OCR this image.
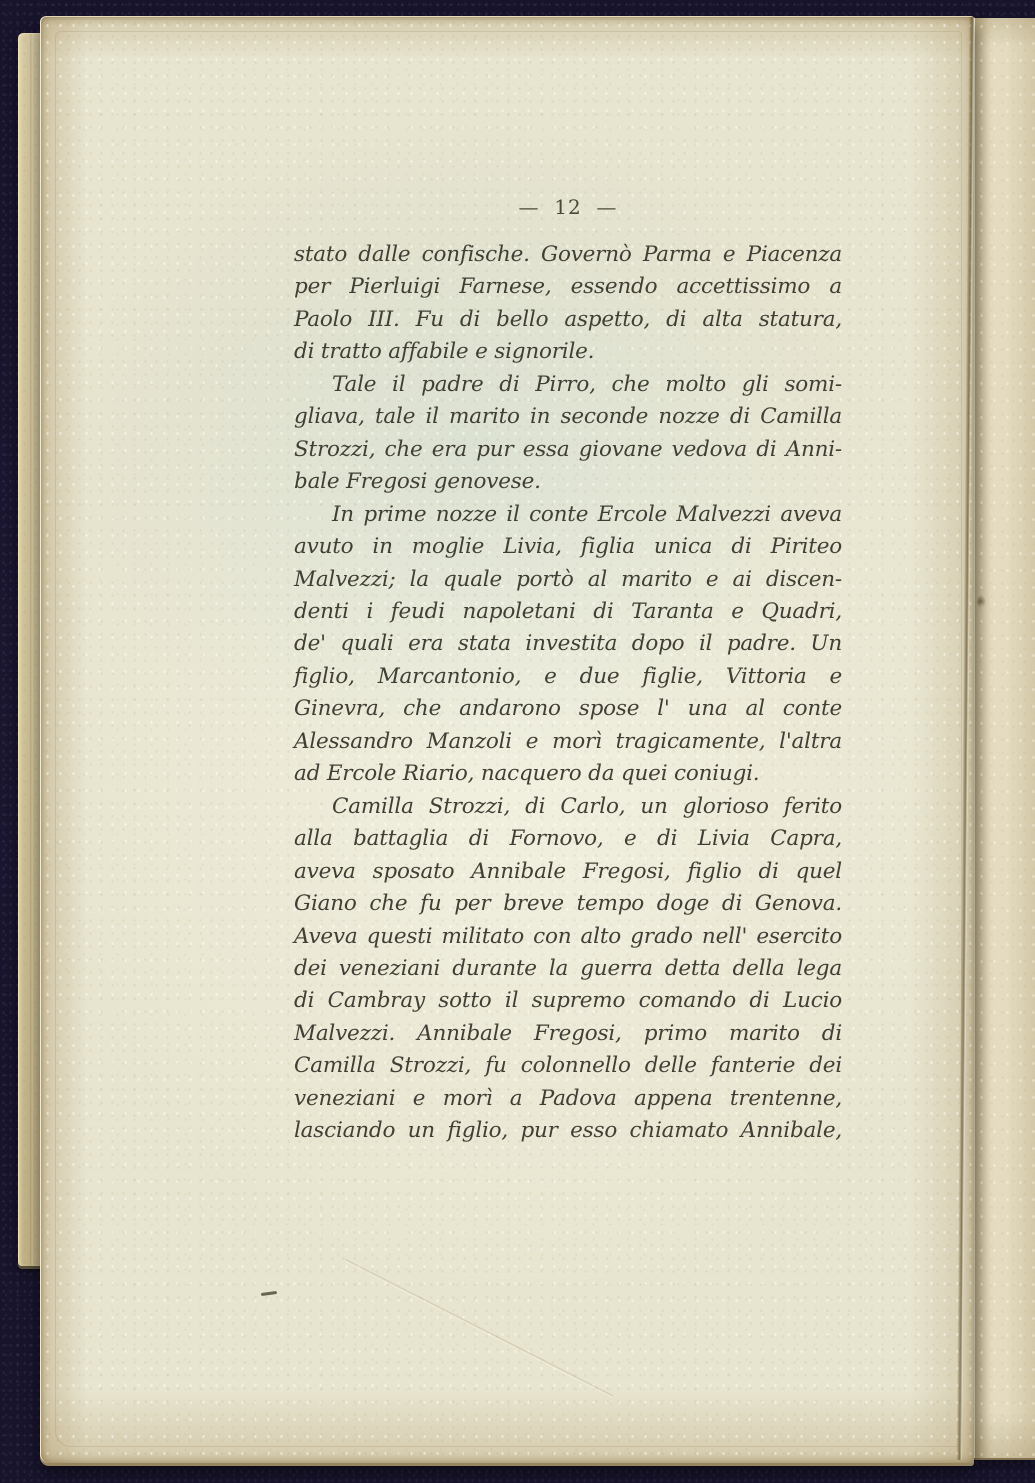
—  12  —
stato dalle confische. Governò Parma e Piacenza
per Pierluigi Farnese, essendo accettissimo a
Paolo III. Fu di bello aspetto, di alta statura,
di tratto affabile e signorile.
Tale il padre di Pirro, che molto gli somi-
gliava, tale il marito in seconde nozze di Camilla
Strozzi, che era pur essa giovane vedova di Anni-
bale Fregosi genovese.
In prime nozze il conte Ercole Malvezzi aveva
avuto in moglie Livia, figlia unica di Piriteo
Malvezzi; la quale portò al marito e ai discen-
denti i feudi napoletani di Taranta e Quadri,
de' quali era stata investita dopo il padre. Un
figlio, Marcantonio, e due figlie, Vittoria e
Ginevra, che andarono spose l' una al conte
Alessandro Manzoli e morì tragicamente, l'altra
ad Ercole Riario, nacquero da quei coniugi.
Camilla Strozzi, di Carlo, un glorioso ferito
alla battaglia di Fornovo, e di Livia Capra,
aveva sposato Annibale Fregosi, figlio di quel
Giano che fu per breve tempo doge di Genova.
Aveva questi militato con alto grado nell' esercito
dei veneziani durante la guerra detta della lega
di Cambray sotto il supremo comando di Lucio
Malvezzi. Annibale Fregosi, primo marito di
Camilla Strozzi, fu colonnello delle fanterie dei
veneziani e morì a Padova appena trentenne,
lasciando un figlio, pur esso chiamato Annibale,
